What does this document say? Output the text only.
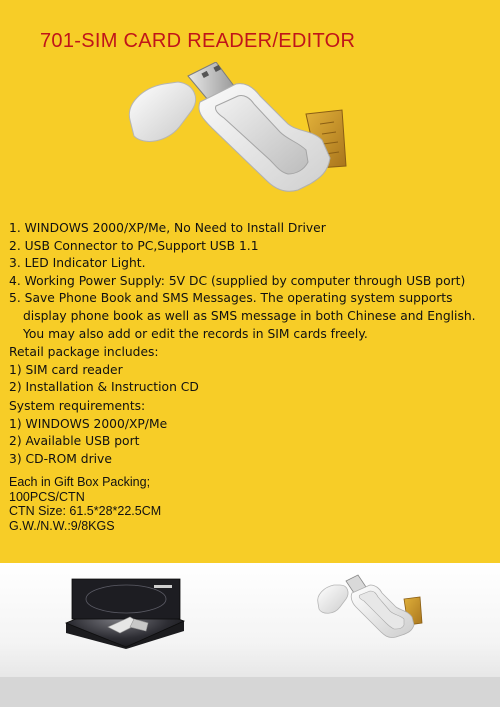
701-SIM CARD READER/EDITOR
1. WINDOWS 2000/XP/Me, No Need to Install Driver
2. USB Connector to PC,Support USB 1.1
3. LED Indicator Light.
4. Working Power Supply: 5V DC (supplied by computer through USB port)
5. Save Phone Book and SMS Messages. The operating system supports display phone book as well as SMS message in both Chinese and English. You may also add or edit the records in SIM cards freely.
Retail package includes:
1) SIM card reader
2) Installation & Instruction CD
System requirements:
1) WINDOWS 2000/XP/Me
2) Available USB port
3) CD-ROM drive
Each in Gift Box Packing;
100PCS/CTN
CTN Size: 61.5*28*22.5CM
G.W./N.W.:9/8KGS
